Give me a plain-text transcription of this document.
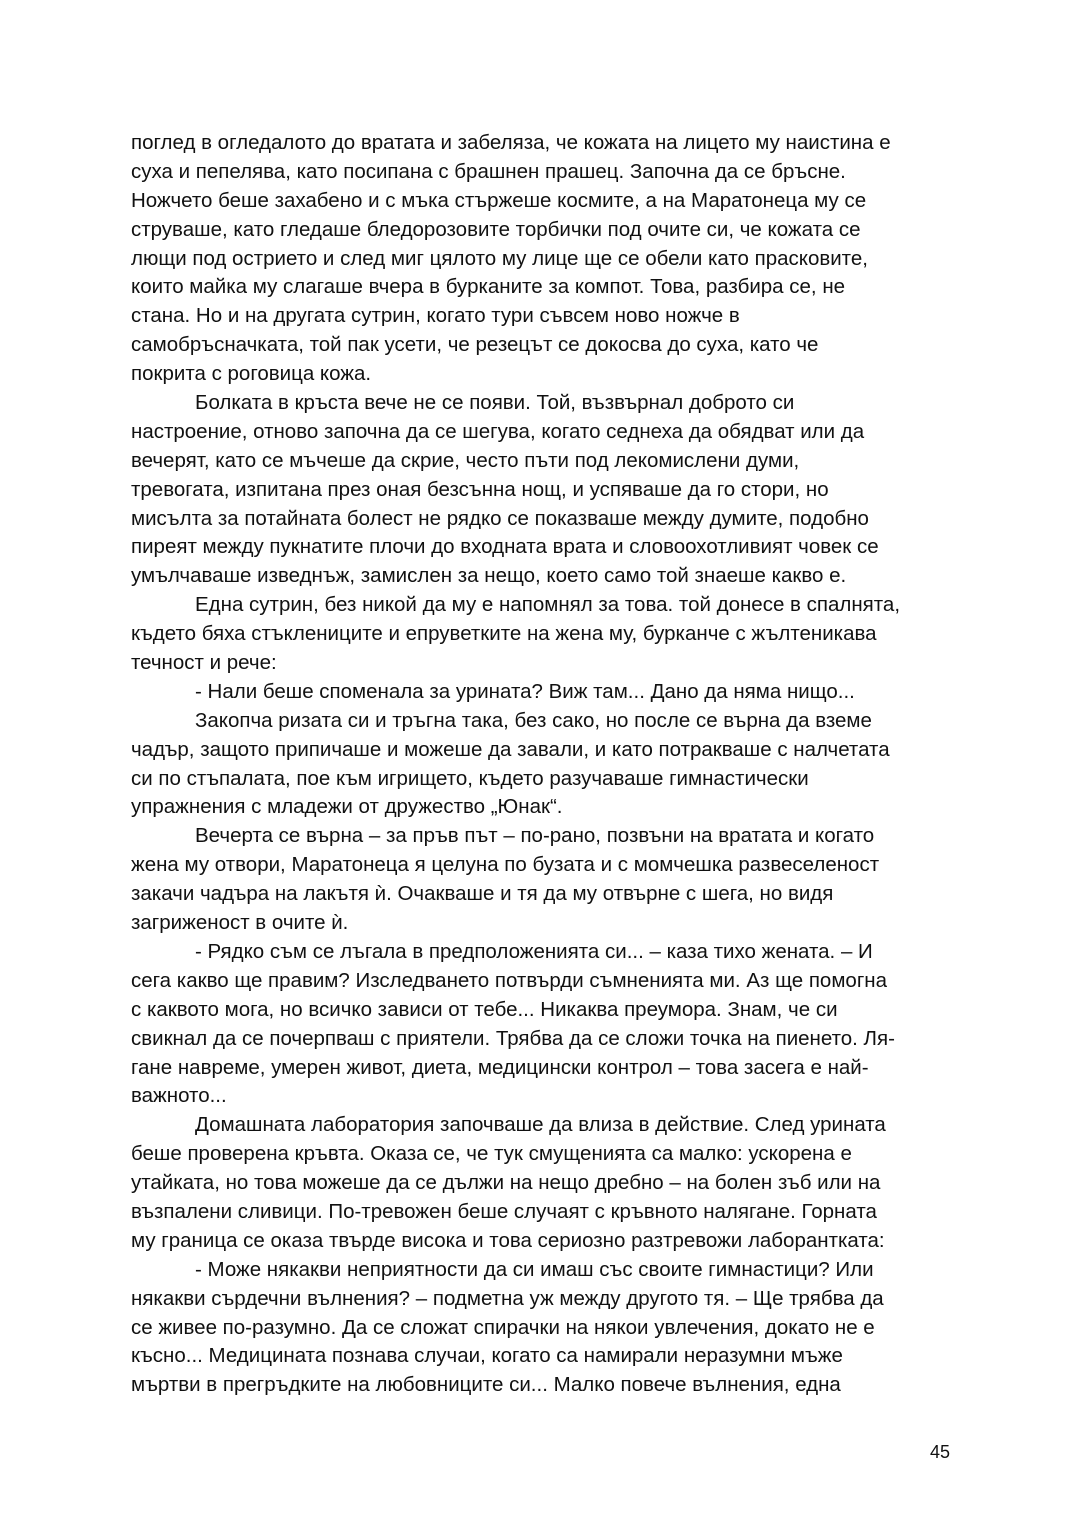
поглед в огледалото до вратата и забеляза, че кожата на лицето му наистина е
суха и пепелява, като посипана с брашнен прашец. Започна да се бръсне.
Ножчето беше захабено и с мъка стържеше космите, а на Маратонеца му се
струваше, като гледаше бледорозовите торбички под очите си, че кожата се
лющи под острието и след миг цялото му лице ще се обели като прасковите,
които майка му слагаше вчера в бурканите за компот. Това, разбира се, не
стана. Но и на другата сутрин, когато тури съвсем ново ножче в
самобръсначката, той пак усети, че резецът се докосва до суха, като че
покрита с роговица кожа.
Болката в кръста вече не се появи. Той, възвърнал доброто си
настроение, отново започна да се шегува, когато седнеха да обядват или да
вечерят, като се мъчеше да скрие, често пъти под лекомислени думи,
тревогата, изпитана през оная безсънна нощ, и успяваше да го стори, но
мисълта за потайната болест не рядко се показваше между думите, подобно
пиреят между пукнатите плочи до входната врата и словоохотливият човек се
умълчаваше изведнъж, замислен за нещо, което само той знаеше какво е.
Една сутрин, без никой да му е напомнял за това. той донесе в спалнята,
където бяха стъклениците и епруветките на жена му, бурканче с жълтеникава
течност и рече:
- Нали беше споменала за урината? Виж там... Дано да няма нищо...
Закопча ризата си и тръгна така, без сако, но после се върна да вземе
чадър, защото припичаше и можеше да завали, и като потракваше с налчетата
си по стъпалата, пое към игрището, където разучаваше гимнастически
упражнения с младежи от дружество „Юнак“.
Вечерта се върна – за пръв път – по-рано, позвъни на вратата и когато
жена му отвори, Маратонеца я целуна по бузата и с момчешка развеселеност
закачи чадъра на лакътя ѝ. Очакваше и тя да му отвърне с шега, но видя
загриженост в очите ѝ.
- Рядко съм се лъгала в предположенията си... – каза тихо жената. – И
сега какво ще правим? Изследването потвърди съмненията ми. Аз ще помогна
с каквото мога, но всичко зависи от тебе... Никаква преумора. Знам, че си
свикнал да се почерпваш с приятели. Трябва да се сложи точка на пиенето. Ля-
гане навреме, умерен живот, диета, медицински контрол – това засега е най-
важното...
Домашната лаборатория започваше да влиза в действие. След урината
беше проверена кръвта. Оказа се, че тук смущенията са малко: ускорена е
утайката, но това можеше да се дължи на нещо дребно – на болен зъб или на
възпалени сливици. По-тревожен беше случаят с кръвното налягане. Горната
му граница се оказа твърде висока и това сериозно разтревожи лаборантката:
- Може някакви неприятности да си имаш със своите гимнастици? Или
някакви сърдечни вълнения? – подметна уж между другото тя. – Ще трябва да
се живее по-разумно. Да се сложат спирачки на някои увлечения, докато не е
късно... Медицината познава случаи, когато са намирали неразумни мъже
мъртви в прегръдките на любовниците си... Малко повече вълнения, една
45
